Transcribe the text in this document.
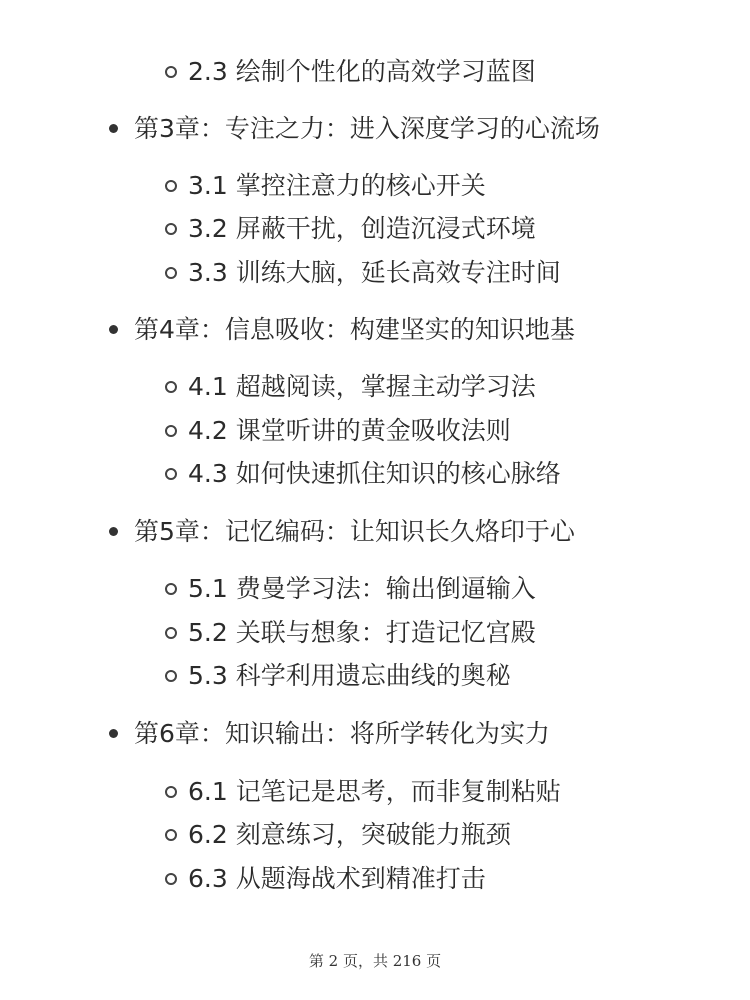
2.3 绘制个性化的高效学习蓝图
第3章：专注之力：进入深度学习的心流场
3.1 掌控注意力的核心开关
3.2 屏蔽干扰，创造沉浸式环境
3.3 训练大脑，延长高效专注时间
第4章：信息吸收：构建坚实的知识地基
4.1 超越阅读，掌握主动学习法
4.2 课堂听讲的黄金吸收法则
4.3 如何快速抓住知识的核心脉络
第5章：记忆编码：让知识长久烙印于心
5.1 费曼学习法：输出倒逼输入
5.2 关联与想象：打造记忆宫殿
5.3 科学利用遗忘曲线的奥秘
第6章：知识输出：将所学转化为实力
6.1 记笔记是思考，而非复制粘贴
6.2 刻意练习，突破能力瓶颈
6.3 从题海战术到精准打击
第 2 页，共 216 页
